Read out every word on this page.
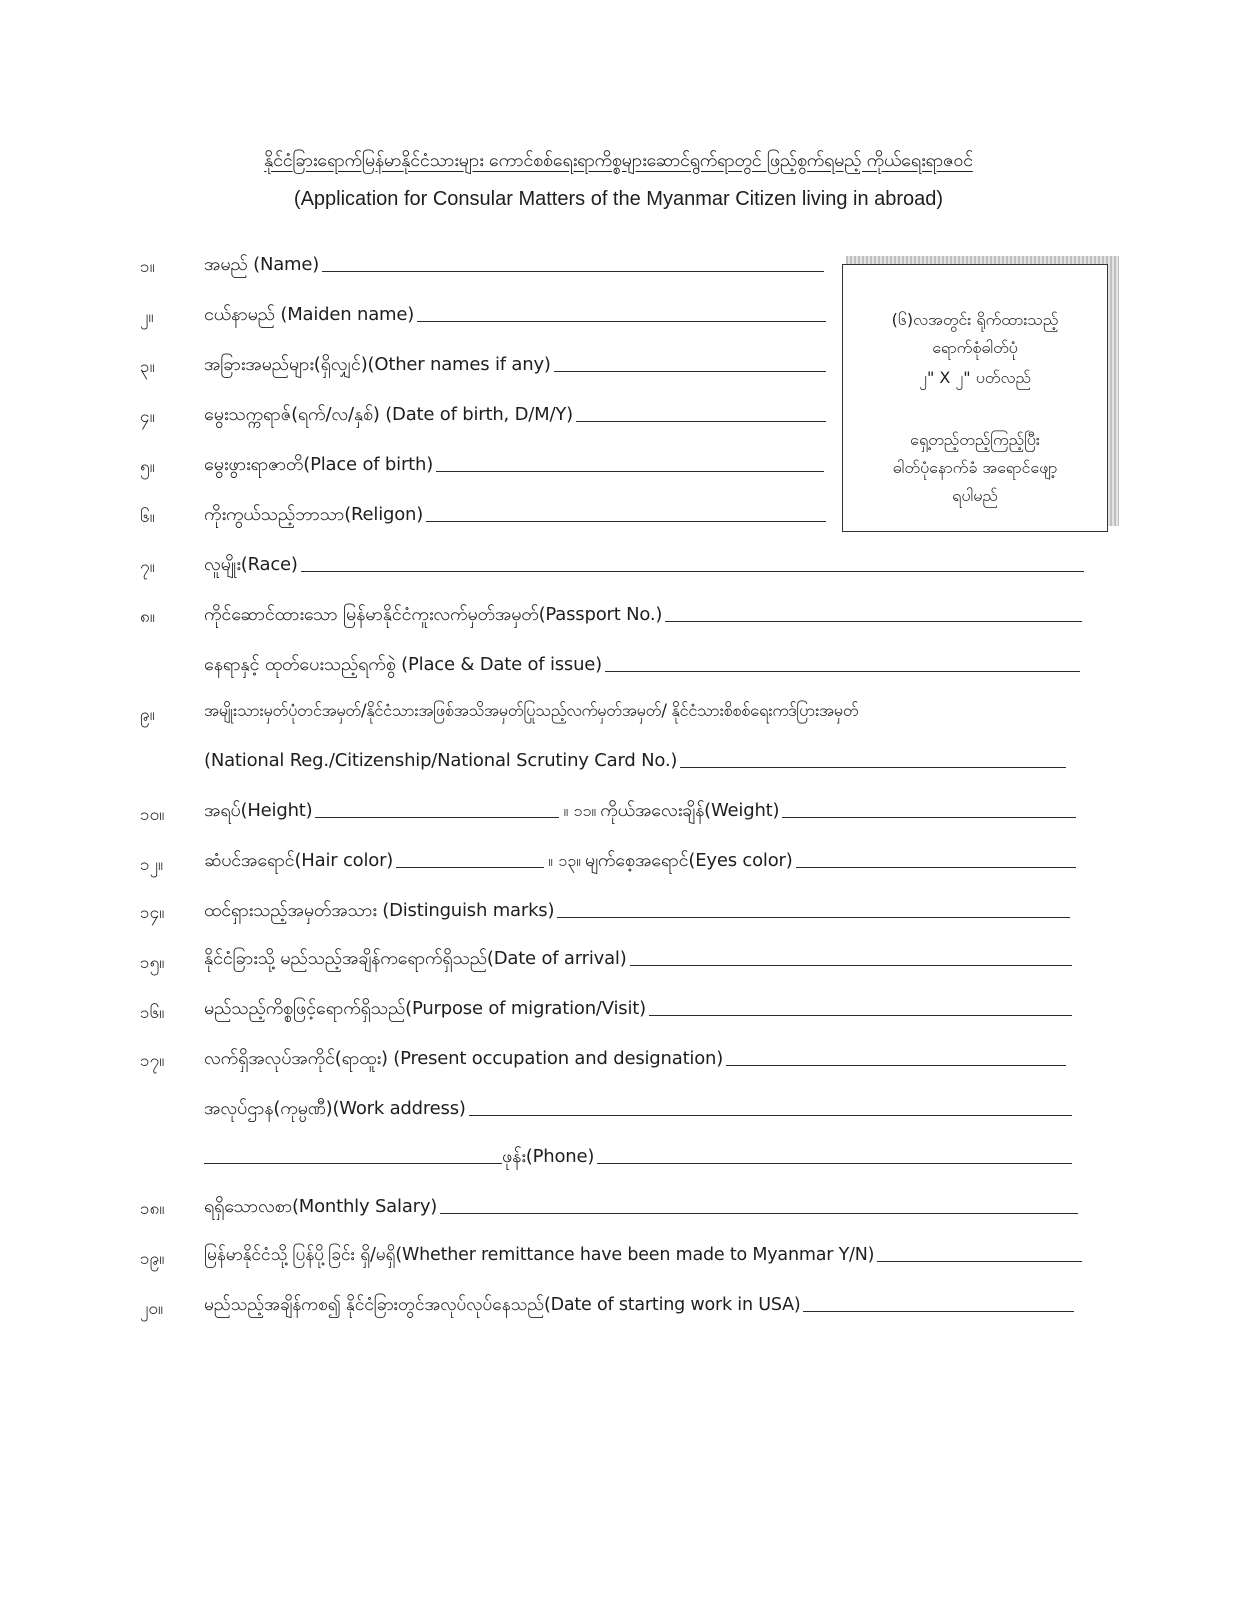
နိုင်ငံခြားရောက်မြန်မာနိုင်ငံသားများ ကောင်စစ်ရေးရာကိစ္စများဆောင်ရွက်ရာတွင် ဖြည့်စွက်ရမည့် ကိုယ်ရေးရာဇဝင်
(Application for Consular Matters of the Myanmar Citizen living in abroad)
(၆)လအတွင်း ရိုက်ထားသည့်
ရောက်စုံဓါတ်ပုံ
၂" X ၂" ပတ်လည်
ရှေ့တည့်တည့်ကြည့်ပြီး
ဓါတ်ပုံနောက်ခံ အရောင်ဖျော့
ရပါမည်
၁။	အမည် (Name)
၂။	ငယ်နာမည် (Maiden name)
၃။	အခြားအမည်များ(ရှိလျှင်)(Other names if any)
၄။	မွေးသက္ကရာဇ်(ရက်/လ/နှစ်) (Date of birth, D/M/Y)
၅။	မွေးဖွားရာဇာတိ(Place of birth)
၆။	ကိုးကွယ်သည့်ဘာသာ(Religon)
၇။	လူမျိုး(Race)
၈။	ကိုင်ဆောင်ထားသော မြန်မာနိုင်ငံကူးလက်မှတ်အမှတ်(Passport No.)
နေရာနှင့် ထုတ်ပေးသည့်ရက်စွဲ (Place & Date of issue)
၉။	အမျိုးသားမှတ်ပုံတင်အမှတ်/နိုင်ငံသားအဖြစ်အသိအမှတ်ပြုသည့်လက်မှတ်အမှတ်/ နိုင်ငံသားစိစစ်ရေးကဒ်ပြားအမှတ်
(National Reg./Citizenship/National Scrutiny Card No.)
၁၀။	အရပ်(Height)	။ ၁၁။ ကိုယ်အလေးချိန်(Weight)
၁၂။	ဆံပင်အရောင်(Hair color)	။ ၁၃။ မျက်စေ့အရောင်(Eyes color)
၁၄။	ထင်ရှားသည့်အမှတ်အသား (Distinguish marks)
၁၅။	နိုင်ငံခြားသို့ မည်သည့်အချိန်ကရောက်ရှိသည်(Date of arrival)
၁၆။	မည်သည့်ကိစ္စဖြင့်ရောက်ရှိသည်(Purpose of migration/Visit)
၁၇။	လက်ရှိအလုပ်အကိုင်(ရာထူး) (Present occupation and designation)
အလုပ်ဌာန(ကုမ္ပဏီ)(Work address)
ဖုန်း(Phone)
၁၈။	ရရှိသောလစာ(Monthly Salary)
၁၉။	မြန်မာနိုင်ငံသို့ ပြန်ပို့ခြင်း ရှိ/မရှိ(Whether remittance have been made to Myanmar Y/N)
၂၀။	မည်သည့်အချိန်ကစ၍ နိုင်ငံခြားတွင်အလုပ်လုပ်နေသည်(Date of starting work in USA)
